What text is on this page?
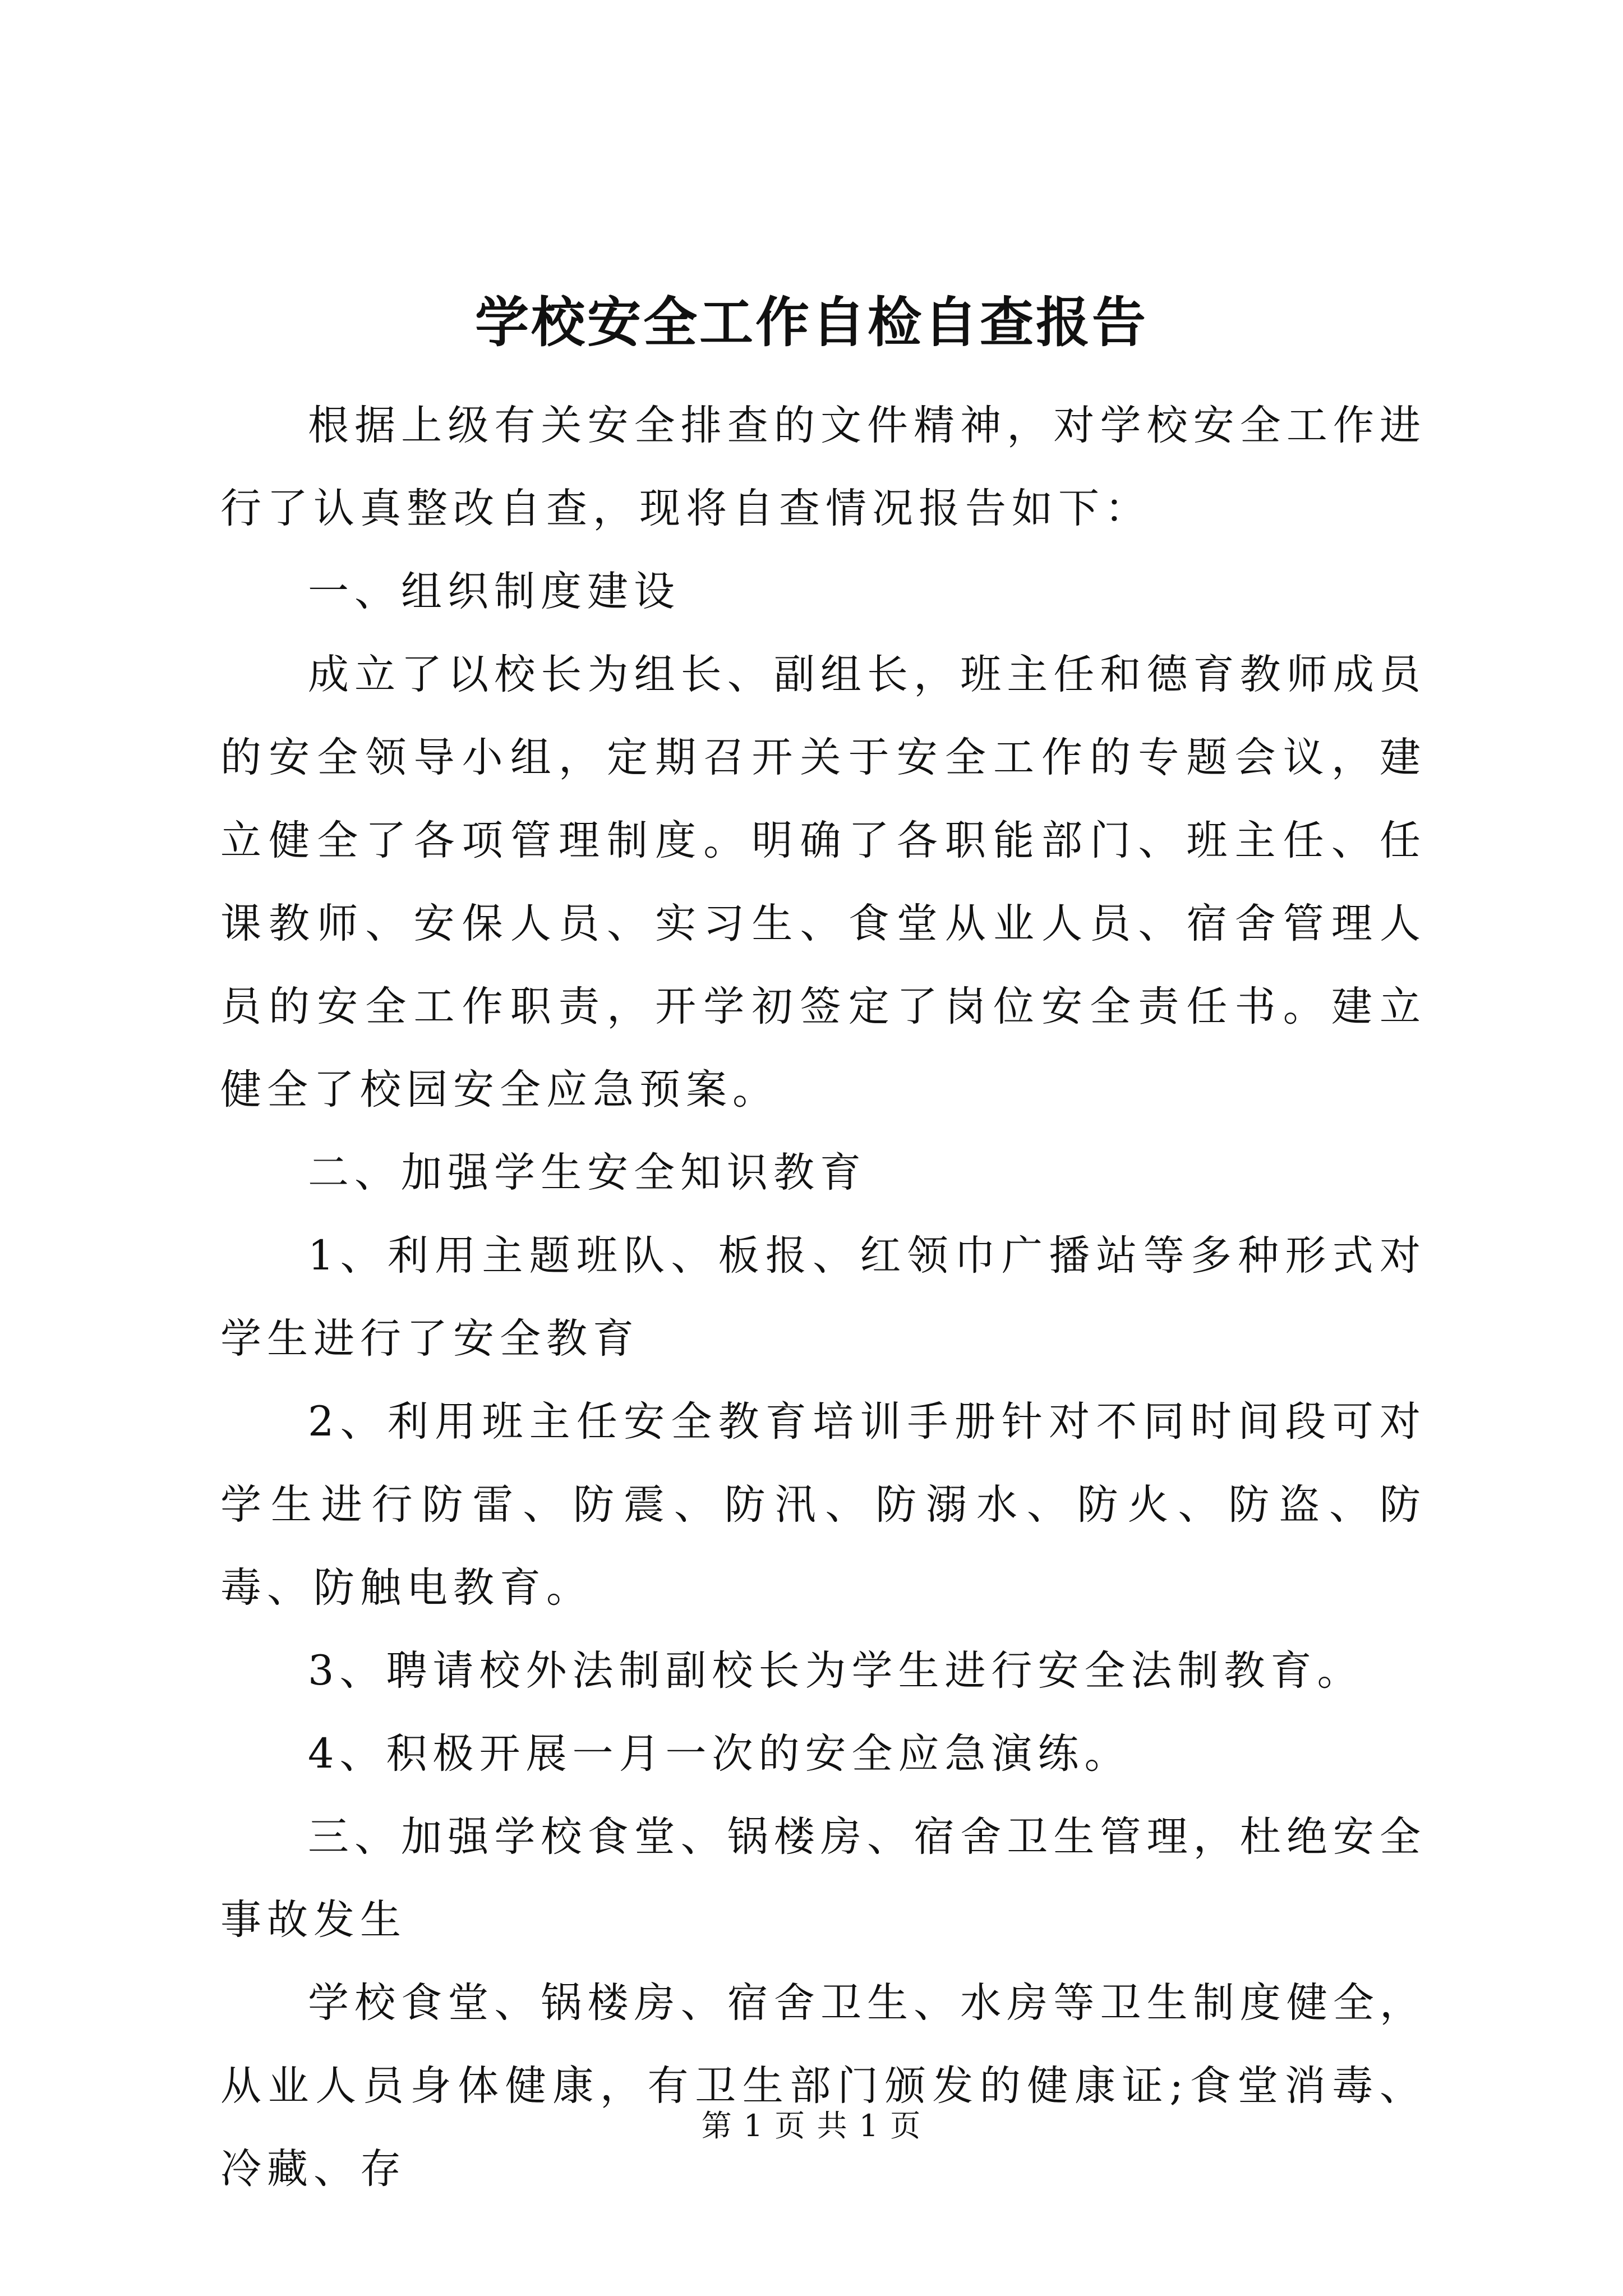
学校安全工作自检自查报告

根据上级有关安全排查的文件精神，对学校安全工作进行了认真整改自查，现将自查情况报告如下：

一、组织制度建设

成立了以校长为组长、副组长，班主任和德育教师成员的安全领导小组，定期召开关于安全工作的专题会议，建立健全了各项管理制度。明确了各职能部门、班主任、任课教师、安保人员、实习生、食堂从业人员、宿舍管理人员的安全工作职责，开学初签定了岗位安全责任书。建立健全了校园安全应急预案。

二、加强学生安全知识教育

1、利用主题班队、板报、红领巾广播站等多种形式对学生进行了安全教育

2、利用班主任安全教育培训手册针对不同时间段可对学生进行防雷、防震、防汛、防溺水、防火、防盗、防毒、防触电教育。

3、聘请校外法制副校长为学生进行安全法制教育。

4、积极开展一月一次的安全应急演练。

三、加强学校食堂、锅楼房、宿舍卫生管理，杜绝安全事故发生

学校食堂、锅楼房、宿舍卫生、水房等卫生制度健全，从业人员身体健康，有卫生部门颁发的健康证;食堂消毒、冷藏、存

第 1 页 共 1 页
